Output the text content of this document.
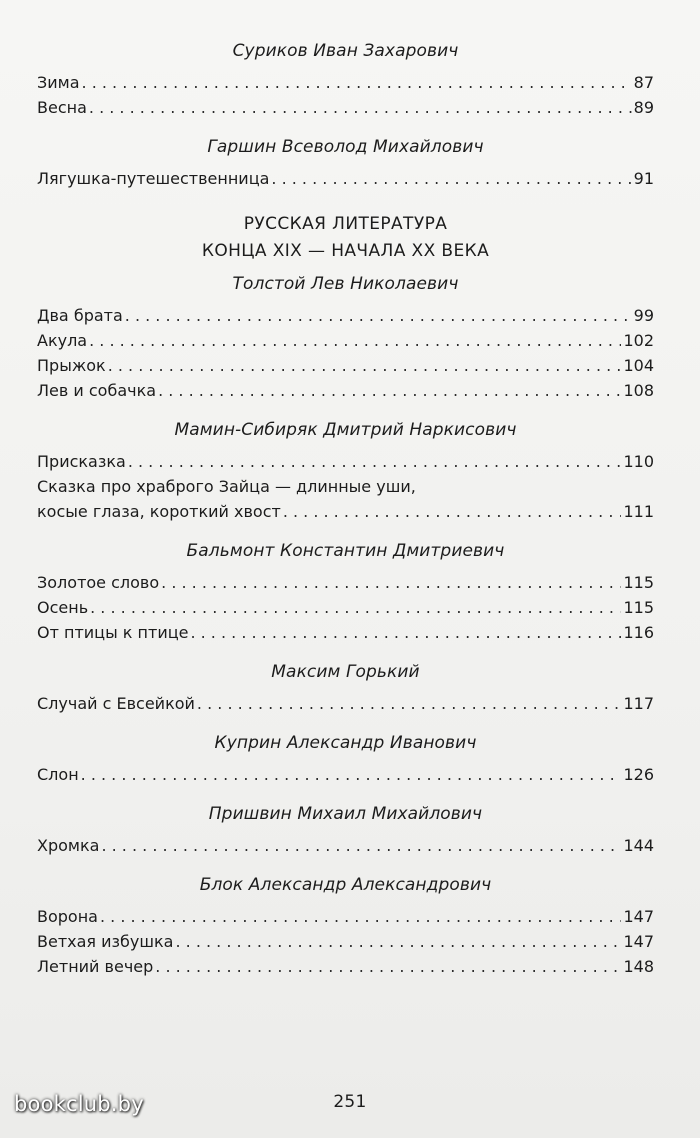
Суриков Иван Захарович
Зима . . .	87
Весна . . .	89
Гаршин Всеволод Михайлович
Лягушка-путешественница . . .	91
РУССКАЯ ЛИТЕРАТУРА
КОНЦА XIX — НАЧАЛА XX ВЕКА
Толстой Лев Николаевич
Два брата . . .	99
Акула . . .	102
Прыжок . . .	104
Лев и собачка . . .	108
Мамин-Сибиряк Дмитрий Наркисович
Присказка . . .	110
Сказка про храброго Зайца — длинные уши,
косые глаза, короткий хвост . . .	111
Бальмонт Константин Дмитриевич
Золотое слово . . .	115
Осень . . .	115
От птицы к птице . . .	116
Максим Горький
Случай с Евсейкой . . .	117
Куприн Александр Иванович
Слон . . .	126
Пришвин Михаил Михайлович
Хромка . . .	144
Блок Александр Александрович
Ворона . . .	147
Ветхая избушка . . .	147
Летний вечер . . .	148
251
bookclub.by
